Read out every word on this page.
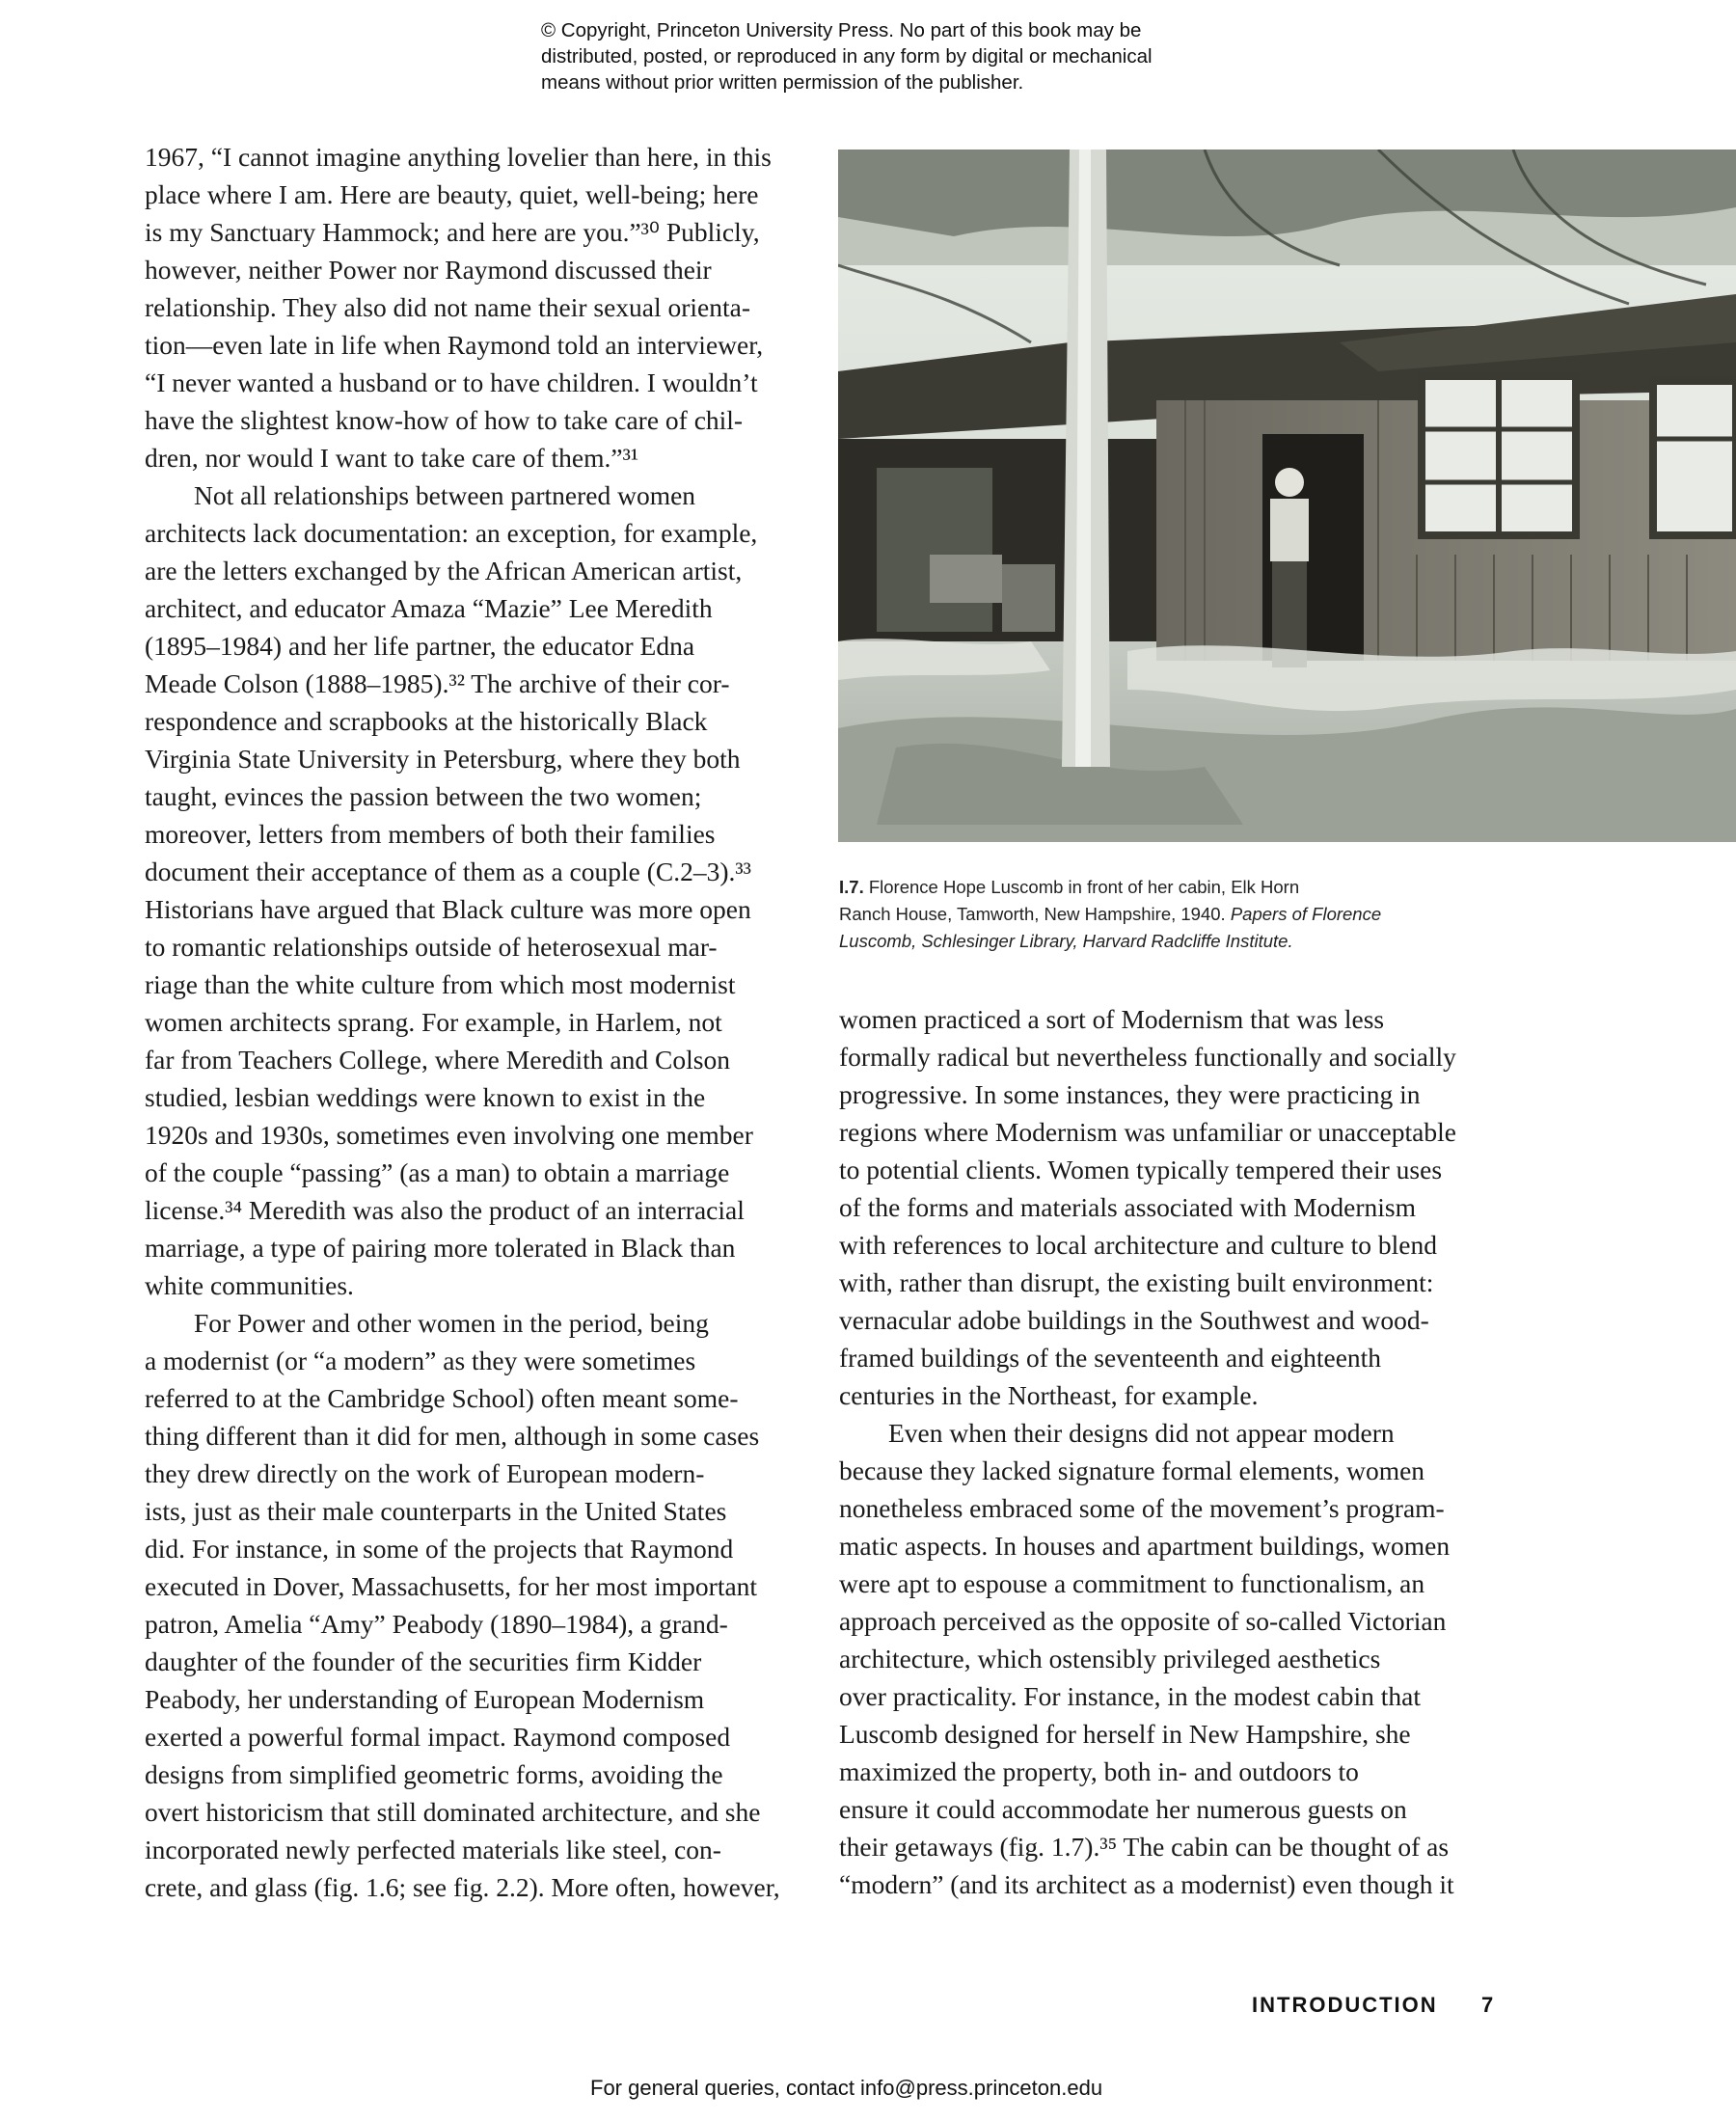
© Copyright, Princeton University Press. No part of this book may be
distributed, posted, or reproduced in any form by digital or mechanical
means without prior written permission of the publisher.
1967, “I cannot imagine anything lovelier than here, in this
place where I am. Here are beauty, quiet, well-being; here
is my Sanctuary Hammock; and here are you.”³⁰ Publicly,
however, neither Power nor Raymond discussed their
relationship. They also did not name their sexual orienta-
tion—even late in life when Raymond told an interviewer,
“I never wanted a husband or to have children. I wouldn’t
have the slightest know-how of how to take care of chil-
dren, nor would I want to take care of them.”³¹
Not all relationships between partnered women
architects lack documentation: an exception, for example,
are the letters exchanged by the African American artist,
architect, and educator Amaza “Mazie” Lee Meredith
(1895–1984) and her life partner, the educator Edna
Meade Colson (1888–1985).³² The archive of their cor-
respondence and scrapbooks at the historically Black
Virginia State University in Petersburg, where they both
taught, evinces the passion between the two women;
moreover, letters from members of both their families
document their acceptance of them as a couple (C.2–3).³³
Historians have argued that Black culture was more open
to romantic relationships outside of heterosexual mar-
riage than the white culture from which most modernist
women architects sprang. For example, in Harlem, not
far from Teachers College, where Meredith and Colson
studied, lesbian weddings were known to exist in the
1920s and 1930s, sometimes even involving one member
of the couple “passing” (as a man) to obtain a marriage
license.³⁴ Meredith was also the product of an interracial
marriage, a type of pairing more tolerated in Black than
white communities.
For Power and other women in the period, being
a modernist (or “a modern” as they were sometimes
referred to at the Cambridge School) often meant some-
thing different than it did for men, although in some cases
they drew directly on the work of European modern-
ists, just as their male counterparts in the United States
did. For instance, in some of the projects that Raymond
executed in Dover, Massachusetts, for her most important
patron, Amelia “Amy” Peabody (1890–1984), a grand-
daughter of the founder of the securities firm Kidder
Peabody, her understanding of European Modernism
exerted a powerful formal impact. Raymond composed
designs from simplified geometric forms, avoiding the
overt historicism that still dominated architecture, and she
incorporated newly perfected materials like steel, con-
crete, and glass (fig. 1.6; see fig. 2.2). More often, however,
I.7. Florence Hope Luscomb in front of her cabin, Elk Horn
Ranch House, Tamworth, New Hampshire, 1940. Papers of Florence
Luscomb, Schlesinger Library, Harvard Radcliffe Institute.
women practiced a sort of Modernism that was less
formally radical but nevertheless functionally and socially
progressive. In some instances, they were practicing in
regions where Modernism was unfamiliar or unacceptable
to potential clients. Women typically tempered their uses
of the forms and materials associated with Modernism
with references to local architecture and culture to blend
with, rather than disrupt, the existing built environment:
vernacular adobe buildings in the Southwest and wood-
framed buildings of the seventeenth and eighteenth
centuries in the Northeast, for example.
Even when their designs did not appear modern
because they lacked signature formal elements, women
nonetheless embraced some of the movement’s program-
matic aspects. In houses and apartment buildings, women
were apt to espouse a commitment to functionalism, an
approach perceived as the opposite of so-called Victorian
architecture, which ostensibly privileged aesthetics
over practicality. For instance, in the modest cabin that
Luscomb designed for herself in New Hampshire, she
maximized the property, both in- and outdoors to
ensure it could accommodate her numerous guests on
their getaways (fig. 1.7).³⁵ The cabin can be thought of as
“modern” (and its architect as a modernist) even though it
INTRODUCTION 7
For general queries, contact info@press.princeton.edu
